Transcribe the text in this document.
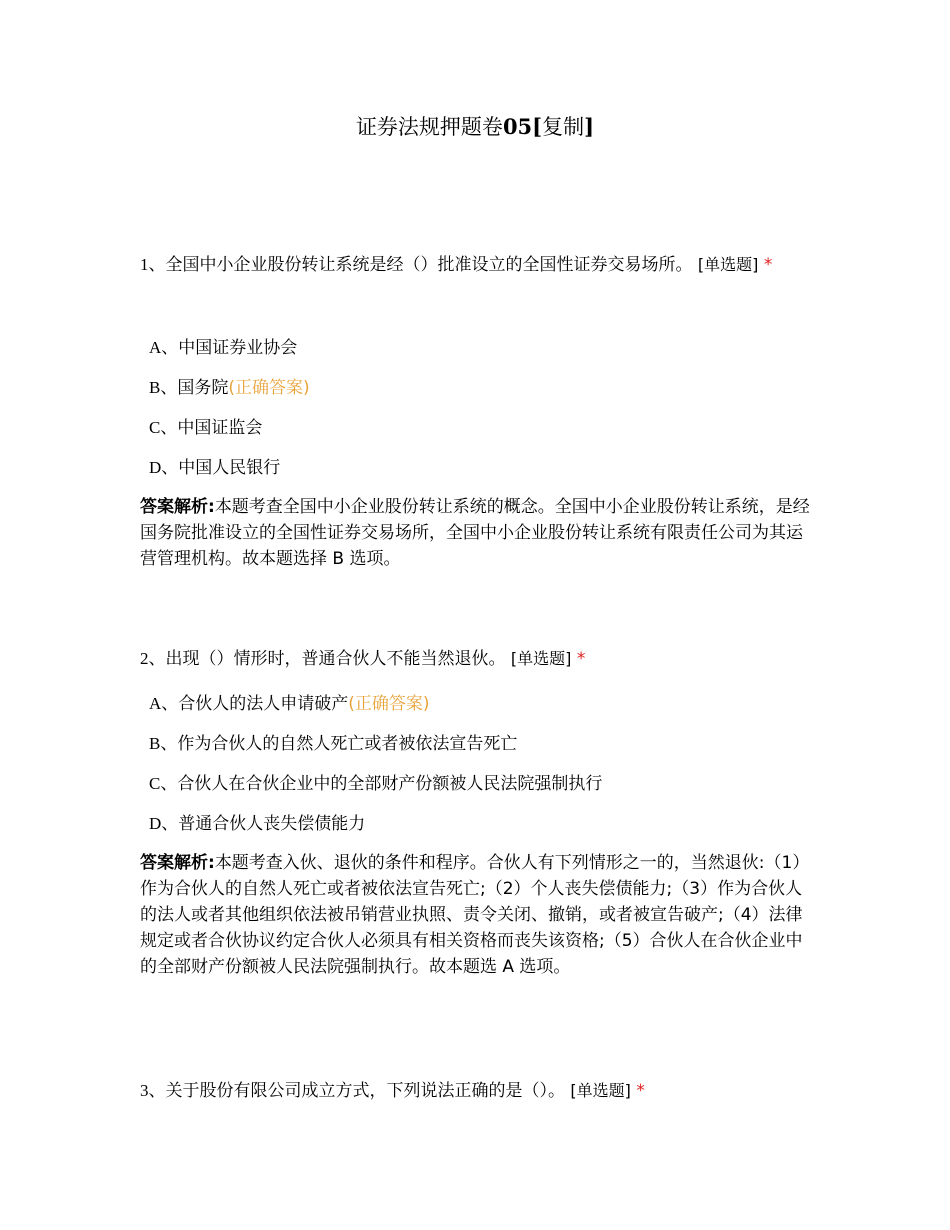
证券法规押题卷05[复制]
1、全国中小企业股份转让系统是经（）批准设立的全国性证券交易场所。 [单选题] *
A、中国证券业协会
B、国务院(正确答案)
C、中国证监会
D、中国人民银行
答案解析:本题考查全国中小企业股份转让系统的概念。全国中小企业股份转让系统，是经国务院批准设立的全国性证券交易场所，全国中小企业股份转让系统有限责任公司为其运营管理机构。故本题选择 B 选项。
2、出现（）情形时，普通合伙人不能当然退伙。 [单选题] *
A、合伙人的法人申请破产(正确答案)
B、作为合伙人的自然人死亡或者被依法宣告死亡
C、合伙人在合伙企业中的全部财产份额被人民法院强制执行
D、普通合伙人丧失偿债能力
答案解析:本题考查入伙、退伙的条件和程序。合伙人有下列情形之一的，当然退伙:（1）作为合伙人的自然人死亡或者被依法宣告死亡;（2）个人丧失偿债能力;（3）作为合伙人的法人或者其他组织依法被吊销营业执照、责令关闭、撤销，或者被宣告破产;（4）法律规定或者合伙协议约定合伙人必须具有相关资格而丧失该资格;（5）合伙人在合伙企业中的全部财产份额被人民法院强制执行。故本题选 A 选项。
3、关于股份有限公司成立方式，下列说法正确的是（）。 [单选题] *
